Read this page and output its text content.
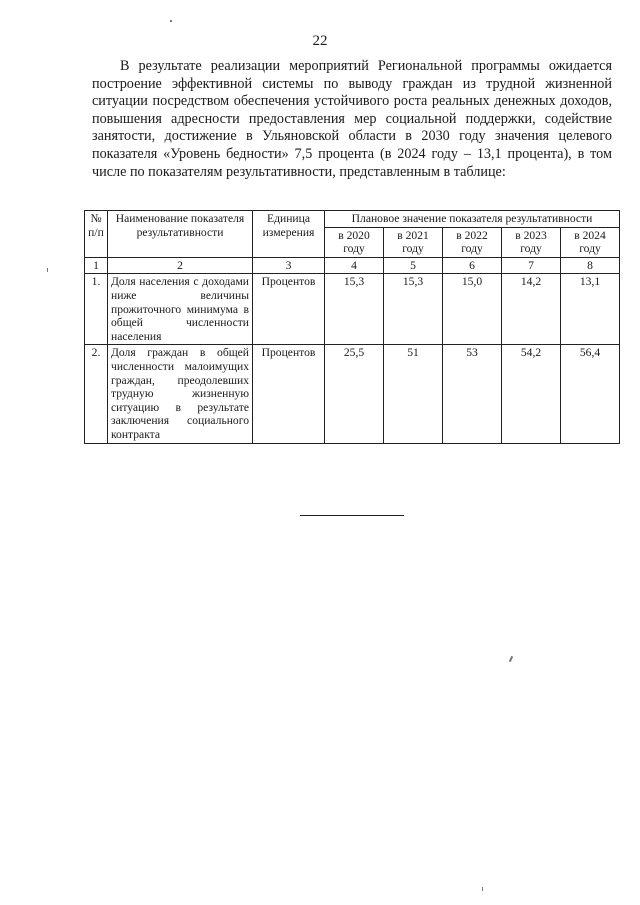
22

В результате реализации мероприятий Региональной программы ожидается построение эффективной системы по выводу граждан из трудной жизненной ситуации посредством обеспечения устойчивого роста реальных денежных доходов, повышения адресности предоставления мер социальной поддержки, содействие занятости, достижение в Ульяновской области в 2030 году значения целевого показателя «Уровень бедности» 7,5 процента (в 2024 году – 13,1 процента), в том числе по показателям результативности, представленным в таблице:

№ п/п	Наименование показателя результативности	Единица измерения	Плановое значение показателя результативности				
			в 2020 году	в 2021 году	в 2022 году	в 2023 году	в 2024 году
1	2	3	4	5	6	7	8
1.	Доля населения с доходами ниже величины прожиточного минимума в общей численности населения	Процентов	15,3	15,3	15,0	14,2	13,1
2.	Доля граждан в общей численности малоимущих граждан, преодолевших трудную жизненную ситуацию в результате заключения социального контракта	Процентов	25,5	51	53	54,2	56,4
